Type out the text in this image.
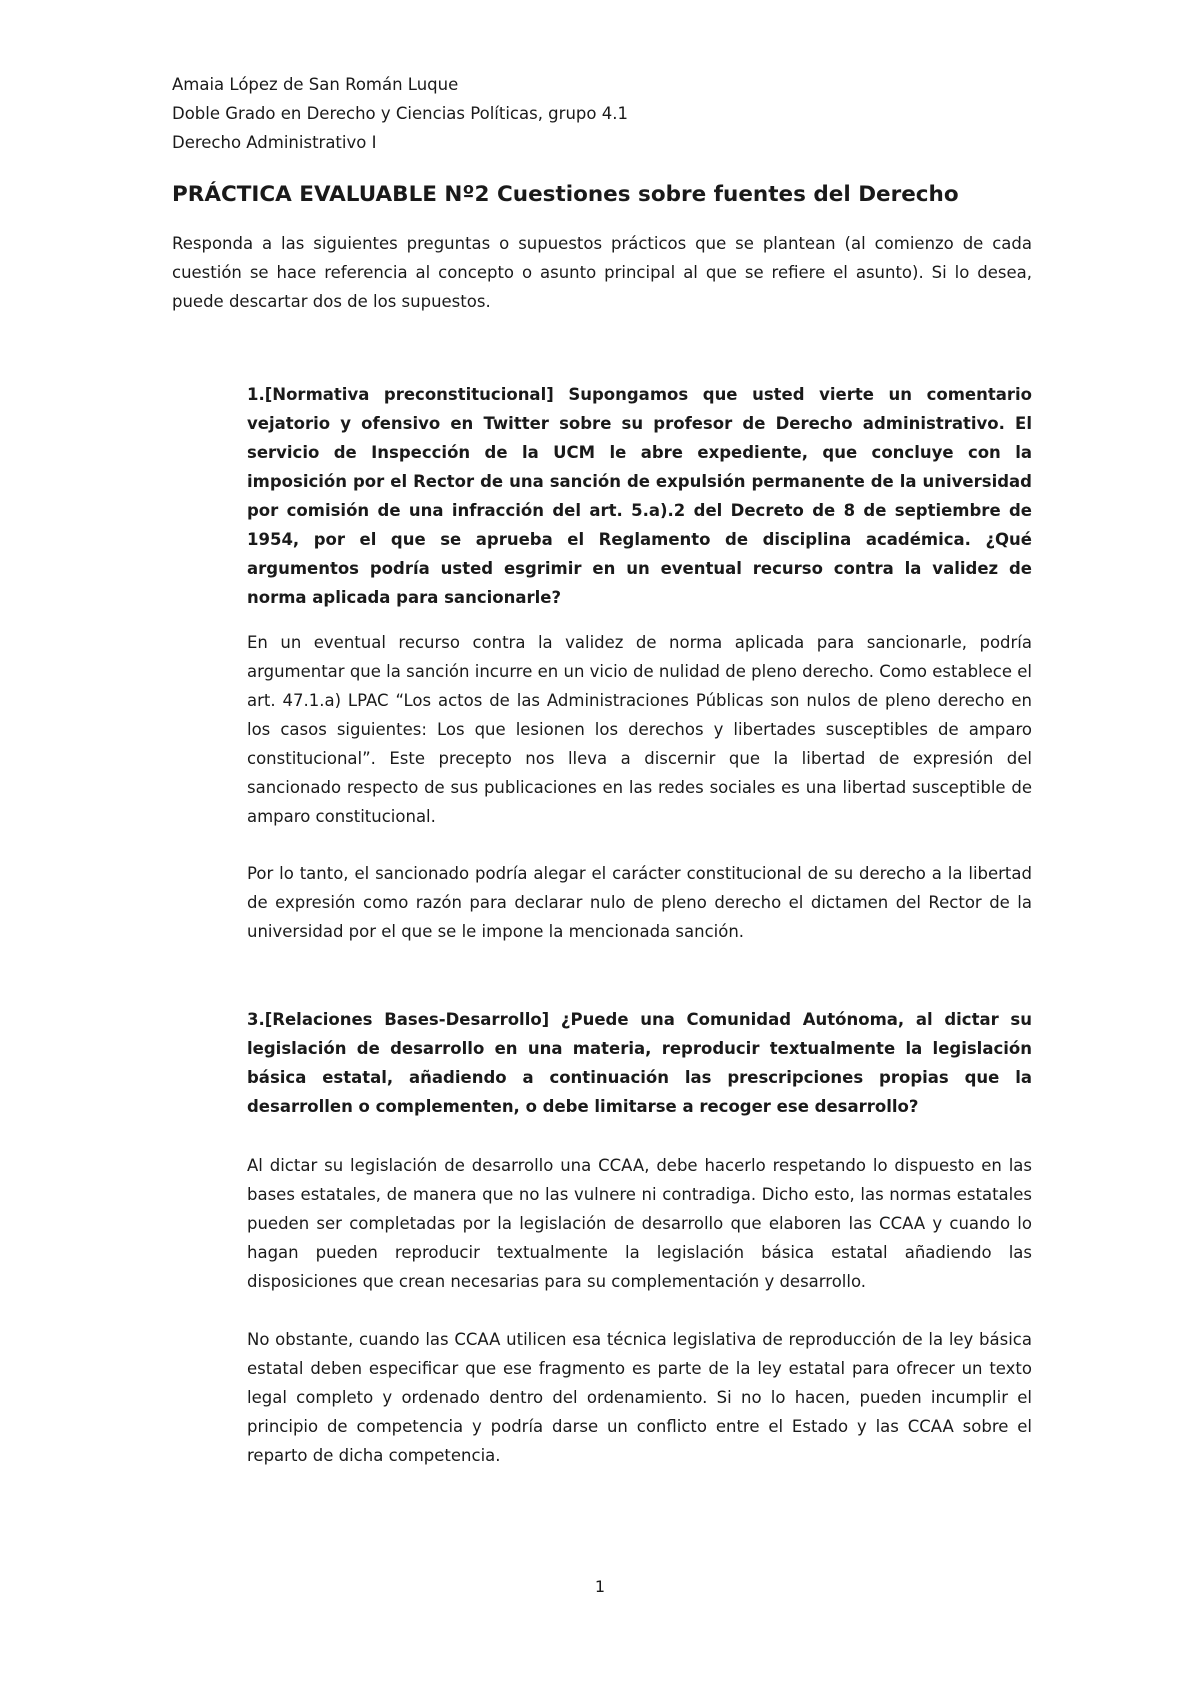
Amaia López de San Román Luque

Doble Grado en Derecho y Ciencias Políticas, grupo 4.1

Derecho Administrativo I

PRÁCTICA EVALUABLE Nº2 Cuestiones sobre fuentes del Derecho

Responda a las siguientes preguntas o supuestos prácticos que se plantean (al comienzo de cada cuestión se hace referencia al concepto o asunto principal al que se refiere el asunto). Si lo desea, puede descartar dos de los supuestos.

1.[Normativa preconstitucional] Supongamos que usted vierte un comentario vejatorio y ofensivo en Twitter sobre su profesor de Derecho administrativo. El servicio de Inspección de la UCM le abre expediente, que concluye con la imposición por el Rector de una sanción de expulsión permanente de la universidad por comisión de una infracción del art. 5.a).2 del Decreto de 8 de septiembre de 1954, por el que se aprueba el Reglamento de disciplina académica. ¿Qué argumentos podría usted esgrimir en un eventual recurso contra la validez de norma aplicada para sancionarle?

En un eventual recurso contra la validez de norma aplicada para sancionarle, podría argumentar que la sanción incurre en un vicio de nulidad de pleno derecho. Como establece el art. 47.1.a) LPAC “Los actos de las Administraciones Públicas son nulos de pleno derecho en los casos siguientes: Los que lesionen los derechos y libertades susceptibles de amparo constitucional”. Este precepto nos lleva a discernir que la libertad de expresión del sancionado respecto de sus publicaciones en las redes sociales es una libertad susceptible de amparo constitucional.

Por lo tanto, el sancionado podría alegar el carácter constitucional de su derecho a la libertad de expresión como razón para declarar nulo de pleno derecho el dictamen del Rector de la universidad por el que se le impone la mencionada sanción.

3.[Relaciones Bases-Desarrollo] ¿Puede una Comunidad Autónoma, al dictar su legislación de desarrollo en una materia, reproducir textualmente la legislación básica estatal, añadiendo a continuación las prescripciones propias que la desarrollen o complementen, o debe limitarse a recoger ese desarrollo?

Al dictar su legislación de desarrollo una CCAA, debe hacerlo respetando lo dispuesto en las bases estatales, de manera que no las vulnere ni contradiga. Dicho esto, las normas estatales pueden ser completadas por la legislación de desarrollo que elaboren las CCAA y cuando lo hagan pueden reproducir textualmente la legislación básica estatal añadiendo las disposiciones que crean necesarias para su complementación y desarrollo.

No obstante, cuando las CCAA utilicen esa técnica legislativa de reproducción de la ley básica estatal deben especificar que ese fragmento es parte de la ley estatal para ofrecer un texto legal completo y ordenado dentro del ordenamiento. Si no lo hacen, pueden incumplir el principio de competencia y podría darse un conflicto entre el Estado y las CCAA sobre el reparto de dicha competencia.

1
